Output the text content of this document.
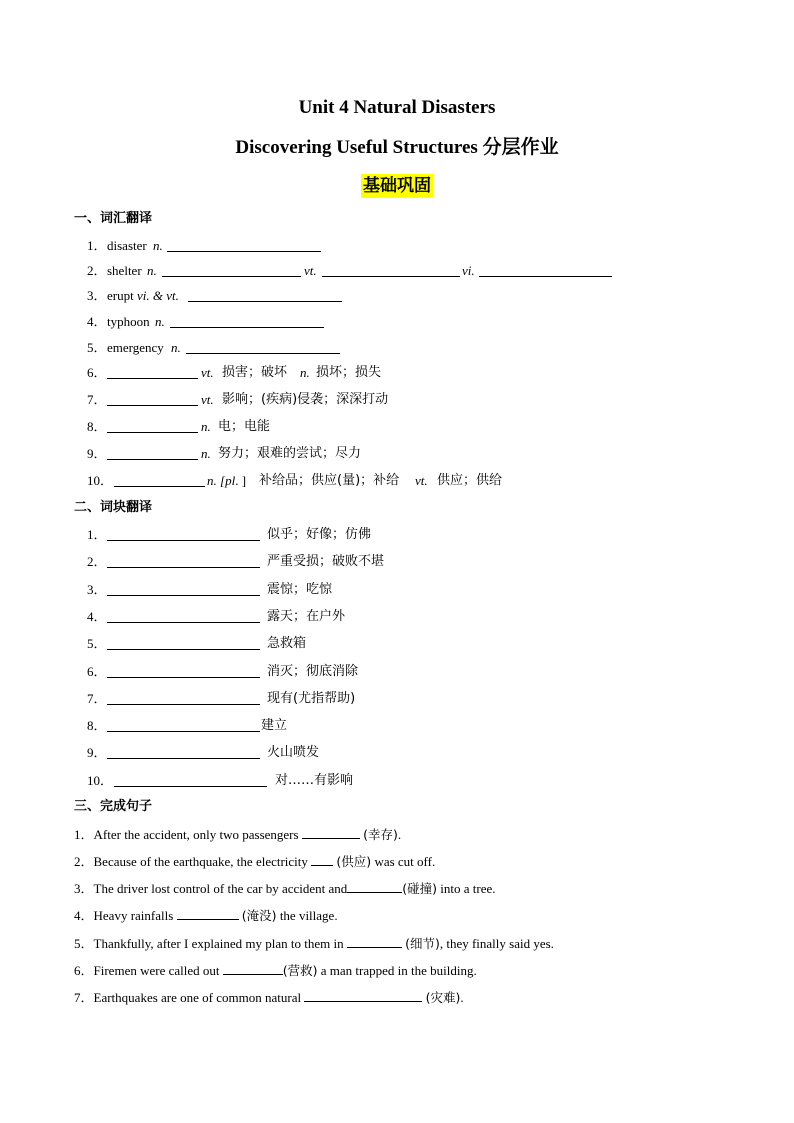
Unit 4 Natural Disasters
Discovering Useful Structures 分层作业
基础巩固
一、词汇翻译
1． disaster n.
2． shelter n.	vt.	vi.
3． erupt vi. & vt.
4． typhoon n.
5． emergency n.
6．	vt. 损害；破坏 n. 损坏；损失
7．	vt. 影响；(疾病)侵袭；深深打动
8．	n. 电；电能
9．	n. 努力；艰难的尝试；尽力
10．	n. [pl. ] 补给品；供应(量)；补给 vt. 供应；供给
二、词块翻译
1．	似乎；好像；仿佛
2．	严重受损；破败不堪
3．	震惊；吃惊
4．	露天；在户外
5．	急救箱
6．	消灭；彻底消除
7．	现有(尤指帮助)
8．	建立
9．	火山喷发
10．	对……有影响
三、完成句子
1．After the accident, only two passengers	(幸存).
2．Because of the earthquake, the electricity  (供应) was cut off.
3．The driver lost control of the car by accident and	(碰撞) into a tree.
4．Heavy rainfalls	(淹没) the village.
5．Thankfully, after I explained my plan to them in	(细节), they finally said yes.
6．Firemen were called out	(营救) a man trapped in the building.
7．Earthquakes are one of common natural	(灾难).
